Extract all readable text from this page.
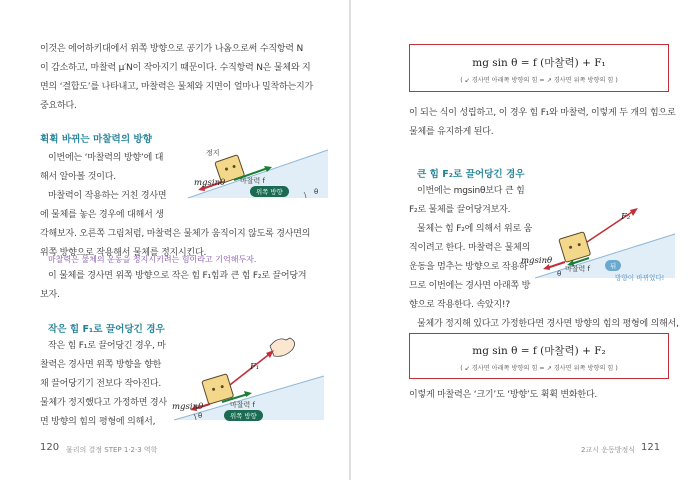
이것은 에어하키대에서 위쪽 방향으로 공기가 나옴으로써 수직항력 N

이 감소하고, 마찰력 μ′N이 작아지기 때문이다. 수직항력 N은 물체와 지

면의 ‘결합도’를 나타내고, 마찰력은 물체와 지면이 얼마나 밀착하는지가

중요하다.

휙휙 바뀌는 마찰력의 방향

이번에는 ‘마찰력의 방향’에 대

해서 알아볼 것이다.

마찰력이 작용하는 거친 경사면

에 물체를 놓은 경우에 대해서 생

각해보자. 오른쪽 그림처럼, 마찰력은 물체가 움직이지 않도록 경사면의

위쪽 방향으로 작용해서 물체를 정지시킨다.

마찰력은 물체의 운동을 정지시키려는 힘이라고 기억해두자.

이 물체를 경사면 위쪽 방향으로 작은 힘 F₁힘과 큰 힘 F₂로 끌어당겨

보자.

작은 힘 F₁로 끌어당긴 경우

작은 힘 F₁로 끌어당긴 경우, 마

찰력은 경사면 위쪽 방향을 향한

채 끌어당기기 전보다 작아진다.

물체가 정지했다고 가정하면 경사

면 방향의 힘의 평형에 의해서,

정지
마찰력 f
mgsinθ
위쪽 방향	θ
F₁
마찰력 f
mgsinθ
위쪽 방향
θ
120 물리의 결정 STEP 1·2·3 역학
mg sin θ = f (마찰력) + F₁
( ↙ 경사면 아래쪽 방향의 힘 = ↗ 경사면 위쪽 방향의 힘 )

이 되는 식이 성립하고, 이 경우 힘 F₁와 마찰력, 이렇게 두 개의 힘으로

물체를 유지하게 된다.

큰 힘 F₂로 끌어당긴 경우

이번에는 mgsinθ보다 큰 힘

F₂로 물체를 끌어당겨보자.

물체는 힘 F₂에 의해서 위로 움

직이려고 한다. 마찰력은 물체의

운동을 멈추는 방향으로 작용하

므로 이번에는 경사면 아래쪽 방

향으로 작용한다. 속았지!?

물체가 정지해 있다고 가정한다면 경사면 방향의 힘의 평형에 의해서,

F₂
마찰력 f
mgsinθ	뒤
방향이 바뀌었다!
θ
mg sin θ = f (마찰력) + F₂
( ↙ 경사면 아래쪽 방향의 힘 = ↗ 경사면 위쪽 방향의 힘 )

이렇게 마찰력은 ‘크기’도 ‘방향’도 휙휙 변화한다.

2교시 운동방정식 121
